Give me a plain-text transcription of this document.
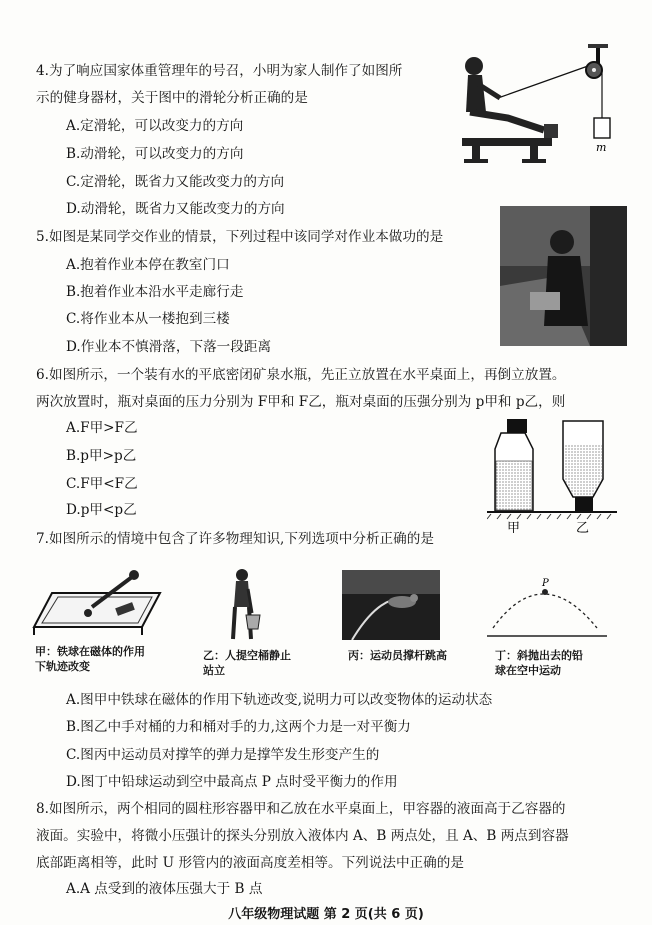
4.为了响应国家体重管理年的号召，小明为家人制作了如图所
示的健身器材，关于图中的滑轮分析正确的是
A.定滑轮，可以改变力的方向
B.动滑轮，可以改变力的方向
C.定滑轮，既省力又能改变力的方向
D.动滑轮，既省力又能改变力的方向
m
5.如图是某同学交作业的情景，下列过程中该同学对作业本做功的是
A.抱着作业本停在教室门口
B.抱着作业本沿水平走廊行走
C.将作业本从一楼抱到三楼
D.作业本不慎滑落，下落一段距离
6.如图所示，一个装有水的平底密闭矿泉水瓶，先正立放置在水平桌面上，再倒立放置。
两次放置时，瓶对桌面的压力分别为 F甲和 F乙，瓶对桌面的压强分别为 p甲和 p乙，则
A.F甲>F乙
B.p甲>p乙
C.F甲<F乙
D.p甲<p乙
甲	乙
7.如图所示的情境中包含了许多物理知识,下列选项中分析正确的是
甲：铁球在磁体的作用
下轨迹改变
乙：人提空桶静止
站立
丙：运动员撑杆跳高
P
丁：斜抛出去的铅
球在空中运动
A.图甲中铁球在磁体的作用下轨迹改变,说明力可以改变物体的运动状态
B.图乙中手对桶的力和桶对手的力,这两个力是一对平衡力
C.图丙中运动员对撑竿的弹力是撑竿发生形变产生的
D.图丁中铅球运动到空中最高点 P 点时受平衡力的作用
8.如图所示，两个相同的圆柱形容器甲和乙放在水平桌面上，甲容器的液面高于乙容器的
液面。实验中，将微小压强计的探头分别放入液体内 A、B 两点处，且 A、B 两点到容器
底部距离相等，此时 U 形管内的液面高度差相等。下列说法中正确的是
A.A 点受到的液体压强大于 B 点
八年级物理试题 第 2 页(共 6 页)
